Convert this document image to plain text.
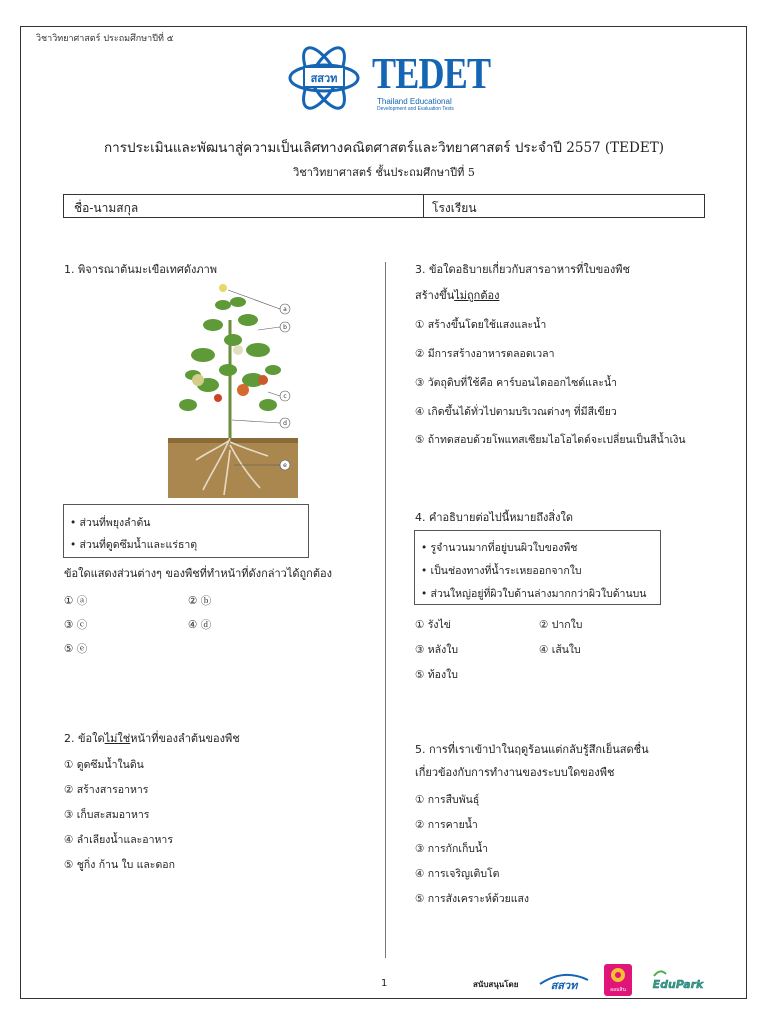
วิชาวิทยาศาสตร์ ประถมศึกษาปีที่ ๕
สสวท TEDET
Thailand Educational
Development and Evaluation Tests
การประเมินและพัฒนาสู่ความเป็นเลิศทางคณิตศาสตร์และวิทยาศาสตร์ ประจำปี 2557 (TEDET)
วิชาวิทยาศาสตร์ ชั้นประถมศึกษาปีที่ 5
ชื่อ-นามสกุล	โรงเรียน
1. พิจารณาต้นมะเขือเทศดังภาพ
a
b
c
d
e
• ส่วนที่พยุงลำต้น
• ส่วนที่ดูดซึมน้ำและแร่ธาตุ
ข้อใดแสดงส่วนต่างๆ ของพืชที่ทำหน้าที่ดังกล่าวได้ถูกต้อง
① ⓐ	② ⓑ
③ ⓒ	④ ⓓ
⑤ ⓔ
2. ข้อใดไม่ใช่หน้าที่ของลำต้นของพืช
① ดูดซึมน้ำในดิน
② สร้างสารอาหาร
③ เก็บสะสมอาหาร
④ ลำเลียงน้ำและอาหาร
⑤ ชูกิ่ง ก้าน ใบ และดอก
3. ข้อใดอธิบายเกี่ยวกับสารอาหารที่ใบของพืช
สร้างขึ้นไม่ถูกต้อง
① สร้างขึ้นโดยใช้แสงและน้ำ
② มีการสร้างอาหารตลอดเวลา
③ วัตถุดิบที่ใช้คือ คาร์บอนไดออกไซด์และน้ำ
④ เกิดขึ้นได้ทั่วไปตามบริเวณต่างๆ ที่มีสีเขียว
⑤ ถ้าทดสอบด้วยโพแทสเซียมไอโอไดด์จะเปลี่ยนเป็นสีน้ำเงิน
4. คำอธิบายต่อไปนี้หมายถึงสิ่งใด
• รูจำนวนมากที่อยู่บนผิวใบของพืช
• เป็นช่องทางที่น้ำระเหยออกจากใบ
• ส่วนใหญ่อยู่ที่ผิวใบด้านล่างมากกว่าผิวใบด้านบน
① รังไข่	② ปากใบ
③ หลังใบ	④ เส้นใบ
⑤ ท้องใบ
5. การที่เราเข้าป่าในฤดูร้อนแต่กลับรู้สึกเย็นสดชื่น
เกี่ยวข้องกับการทำงานของระบบใดของพืช
① การสืบพันธุ์
② การคายน้ำ
③ การกักเก็บน้ำ
④ การเจริญเติบโต
⑤ การสังเคราะห์ด้วยแสง
1	สนับสนุนโดย	สสวท	ออมสิน	EduPark
